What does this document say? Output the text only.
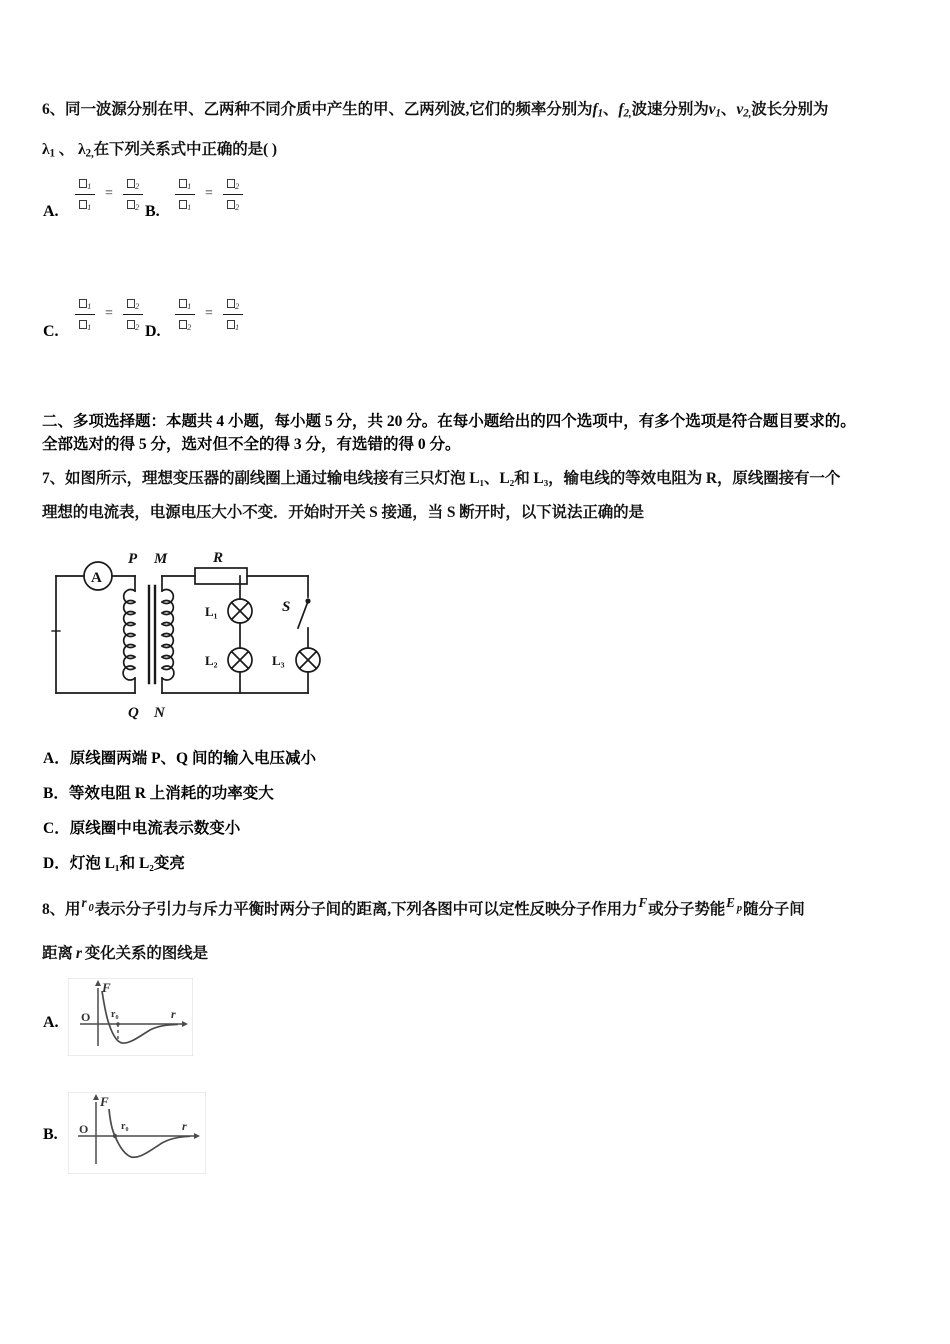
6、同一波源分别在甲、乙两种不同介质中产生的甲、乙两列波,它们的频率分别为$f_1$、$f_{2,}$波速分别为$v_1$、$v_{2,}$波长分别为
$\lambda_1$ 、 $\lambda_{2,}$在下列关系式中正确的是( )
A. $\frac{1}{1} = \frac{2}{2} B$. $\frac{1}{1} = \frac{2}{2}$
C. $\frac{1}{1} = \frac{2}{2} D$. $\frac{1}{2} = \frac{2}{1}$
二、多项选择题：本题共 4 小题，每小题 5 分，共 20 分。在每小题给出的四个选项中，有多个选项是符合题目要求的。
全部选对的得 5 分，选对但不全的得 3 分，有选错的得 0 分。
7、如图所示，理想变压器的副线圈上通过输电线接有三只灯泡 L₁、L₂和 L₃，输电线的等效电阻为 R，原线圈接有一个
理想的电流表，电源电压大小不变．开始时开关 S 接通，当 S 断开时，以下说法正确的是
A
P M	R
Q N
L₁
L₂	L₃
S
A．原线圈两端 P、Q 间的输入电压减小
B．等效电阻 R 上消耗的功率变大
C．原线圈中电流表示数变小
D．灯泡 L₁和 L₂变亮
8、用r $^0$表示分子引力与斥力平衡时两分子间的距离,下列各图中可以定性反映分子作用力F或分子势能E $^p$随分子间
距离 r 变化关系的图线是
A.
F
r
O r₀
B.
F
r
O	r₀
